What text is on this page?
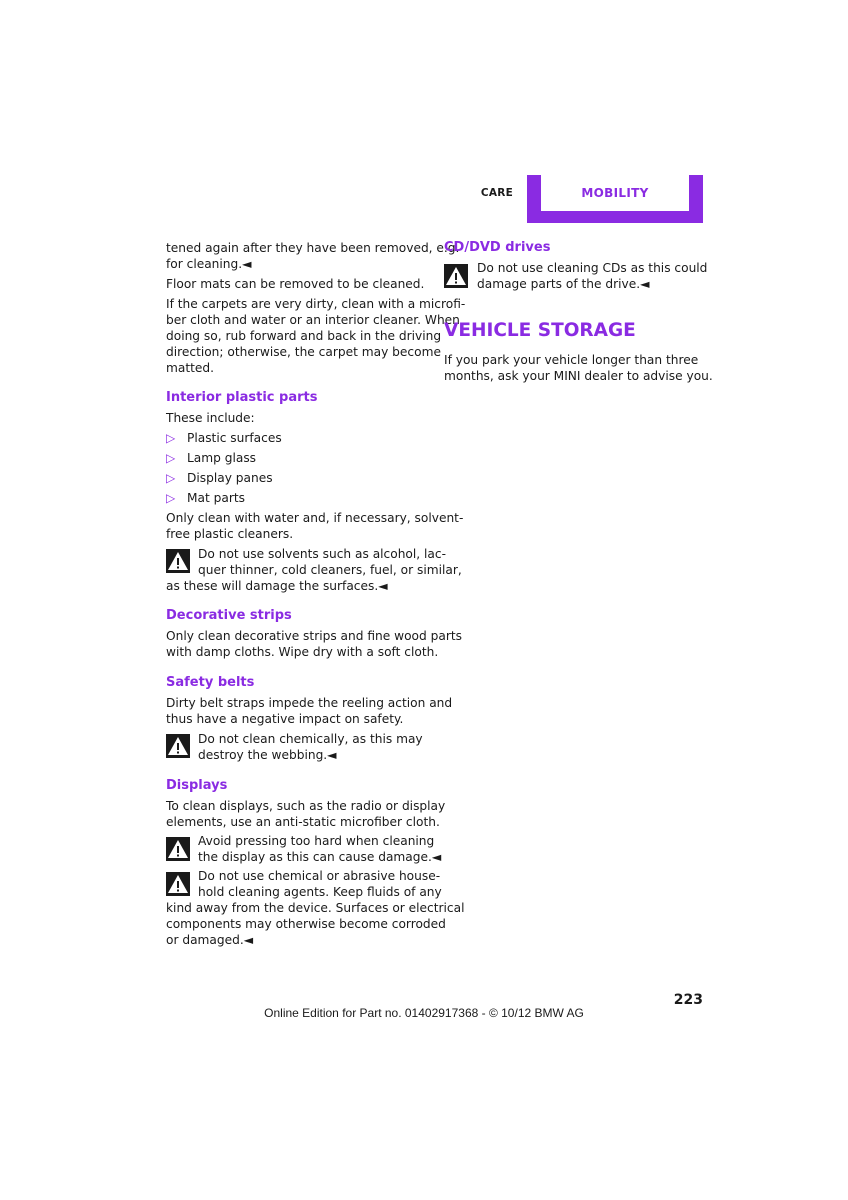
CARE	MOBILITY
tened again after they have been removed, e.g.
for cleaning.◄
Floor mats can be removed to be cleaned.
If the carpets are very dirty, clean with a microfi-
ber cloth and water or an interior cleaner. When
doing so, rub forward and back in the driving
direction; otherwise, the carpet may become
matted.
Interior plastic parts
These include:
▷ Plastic surfaces
▷ Lamp glass
▷ Display panes
▷ Mat parts
Only clean with water and, if necessary, solvent-
free plastic cleaners.
Do not use solvents such as alcohol, lac-
quer thinner, cold cleaners, fuel, or similar,
as these will damage the surfaces.◄
Decorative strips
Only clean decorative strips and fine wood parts
with damp cloths. Wipe dry with a soft cloth.
Safety belts
Dirty belt straps impede the reeling action and
thus have a negative impact on safety.
Do not clean chemically, as this may
destroy the webbing.◄
Displays
To clean displays, such as the radio or display
elements, use an anti-static microfiber cloth.
Avoid pressing too hard when cleaning
the display as this can cause damage.◄
Do not use chemical or abrasive house-
hold cleaning agents. Keep fluids of any
kind away from the device. Surfaces or electrical
components may otherwise become corroded
or damaged.◄
CD/DVD drives
Do not use cleaning CDs as this could
damage parts of the drive.◄
VEHICLE STORAGE
If you park your vehicle longer than three
months, ask your MINI dealer to advise you.
223
Online Edition for Part no. 01402917368 - © 10/12 BMW AG
